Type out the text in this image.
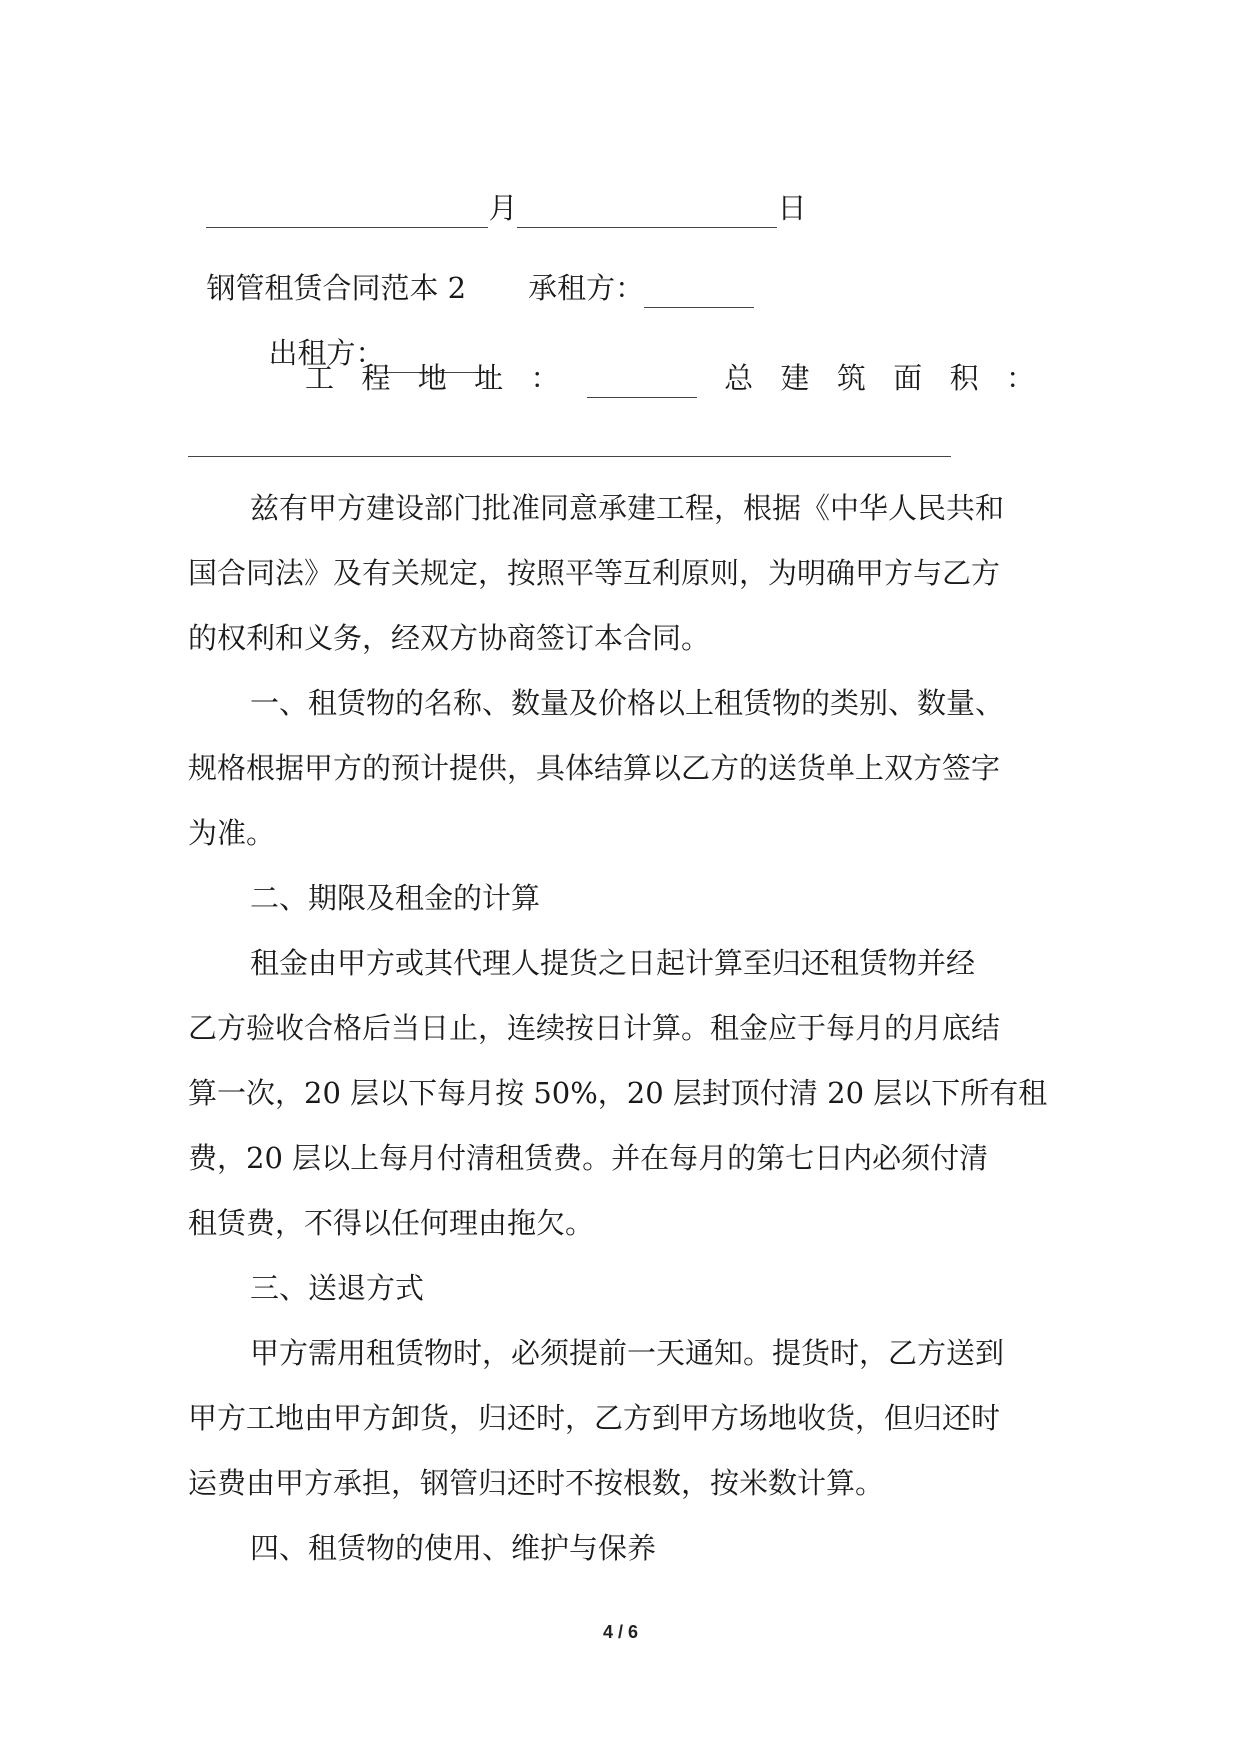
月	日

钢管租赁合同范本 2 承租方：

出租方：

工 程 地 址 ：	总 建 筑 面 积 ：
兹有甲方建设部门批准同意承建工程，根据《中华人民共和
国合同法》及有关规定，按照平等互利原则，为明确甲方与乙方
的权利和义务，经双方协商签订本合同。
一、租赁物的名称、数量及价格以上租赁物的类别、数量、
规格根据甲方的预计提供，具体结算以乙方的送货单上双方签字
为准。
二、期限及租金的计算
租金由甲方或其代理人提货之日起计算至归还租赁物并经
乙方验收合格后当日止，连续按日计算。租金应于每月的月底结
算一次，20 层以下每月按 50%，20 层封顶付清 20 层以下所有租
费，20 层以上每月付清租赁费。并在每月的第七日内必须付清
租赁费，不得以任何理由拖欠。
三、送退方式
甲方需用租赁物时，必须提前一天通知。提货时，乙方送到
甲方工地由甲方卸货，归还时，乙方到甲方场地收货，但归还时
运费由甲方承担，钢管归还时不按根数，按米数计算。
四、租赁物的使用、维护与保养
4 / 6
